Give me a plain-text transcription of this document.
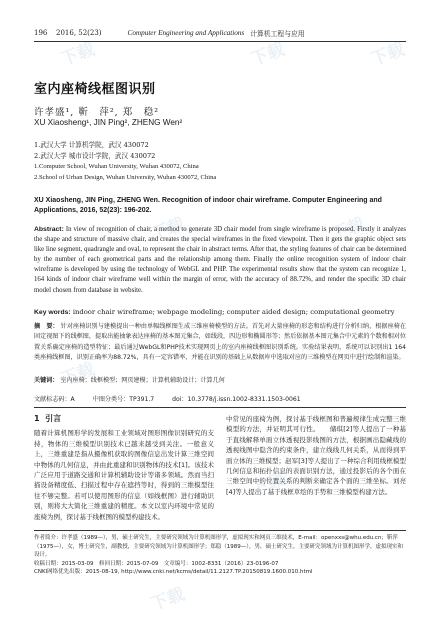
196	2016, 52(23)	Computer Engineering and Applications 计算机工程与应用
室内座椅线框图识别
许孝盛¹, 靳　萍², 郑　稳²
XU Xiaosheng¹, JIN Ping², ZHENG Wen²
1.武汉大学 计算机学院，武汉 430072
2.武汉大学 城市设计学院，武汉 430072
1.Computer School, Wuhan University, Wuhan 430072, China
2.School of Urban Design, Wuhan University, Wuhan 430072, China
XU Xiaosheng, JIN Ping, ZHENG Wen. Recognition of indoor chair wireframe. Computer Engineering and Applications, 2016, 52(23): 196-202.
Abstract: In view of recognition of chair, a method to generate 3D chair model from single wireframe is proposed. Firstly it analyzes the shape and structure of massive chair, and creates the special wireframes in the fixed viewpoint. Then it gets the graphic object sets like line segment, quadrangle and oval, to represent the chair in abstract terms. After that, the styling features of chair can be determined by the number of each geometrical parts and the relationship among them. Finally the online recognition system of indoor chair wireframe is developed by using the technology of WebGL and PHP. The experimental results show that the system can recognize 1, 164 kinds of indoor chair wireframe well within the margin of error, with the accuracy of 88.72%, and render the specific 3D chair model chosen from database in website.
Key words: indoor chair wireframe; webpage modeling; computer aided design; computational geometry
摘　要： 针对座椅识别与建模提出一种由单幅线框图生成三维座椅模型的方法。首先对大量座椅的形态和结构进行分析归纳，根据座椅在固定视图下的线框图，提取出能抽象表达座椅的基本图元集合，如线段，四边形和椭圆形等；然后依据基本图元集合中元素的个数和相对位置关系确定座椅的造型特征；最后通过WebGL和PHP技术实现网页上的室内座椅线框图识别系统。实验结果表明，系统可以识别出1 164类座椅线框图，识别正确率为88.72%，具有一定容错率，并能在识别的基础上从数据库中选取对应的三维模型在网页中进行绘制和渲染。
关键词： 室内座椅；线框模型；网页建模；计算机辅助设计；计算几何
文献标志码：A	中图分类号：TP391.7	doi：10.3778/j.issn.1002-8331.1503-0061
1 引言

随着计算机图形学的发展和工业领域对图形图像识别研究的支持，物体的三维模型识别技术已越来越受到关注。一般意义上，三维重建是指从摄像机获取的图像信息出发计算三维空间中物体的几何信息，并由此重建和识别物体的技术[1]。该技术广泛应用于道路交通和计算机辅助设计等诸多领域。然而当扫描设备精度低、扫描过程中存在遮挡等时，得到的三维模型往往不够完整。若可以使用图形的信息（如线框图）进行辅助识别，则将大大简化三维重建的精度。本文以室内环境中常见的座椅为例，探讨基于线框图的模型构建技术。

中常见的座椅为例，探讨基于线框图和普遍规律生成完整三维模型的方法，并证明其可行性。　　储琪[2]等人提出了一种基于直线解释单面立体透视投影线图的方法，根据画出隐藏线的透视线图中隐含的约束条件，建立线线几何关系，从而得到平面立体的三维模型；赵军[3]等人提出了一种综合利用线框模型几何信息和拓扑信息的表面识别方法，通过投影后的各个面在三维空间中的位置关系的判断来确定各个面的三维坐标。刘亮[4]等人提出了基于线框草绘的手势和三维模型构建方法。

作者简介：许孝盛（1989—），男，硕士研究生，主要研究领域为计算机图形学，虚拟现实和网页三维技术，E-mail：openxxs@whu.edu.cn；靳萍（1975—），女，博士研究生，副教授，主要研究领域为计算机图形学；郑稳（1989—），男，硕士研究生，主要研究领域为计算机图形学，虚拟现实和设计。

收稿日期：2015-03-09　修回日期：2015-07-09　文章编号：1002-8331（2016）23-0196-07

CNKI网络优先出版：2015-08-19, http://www.cnki.net/kcms/detail/11.2127.TP.20150819.1600.010.html

下载	下载	下载
下载	下载
下载
下载
下载
